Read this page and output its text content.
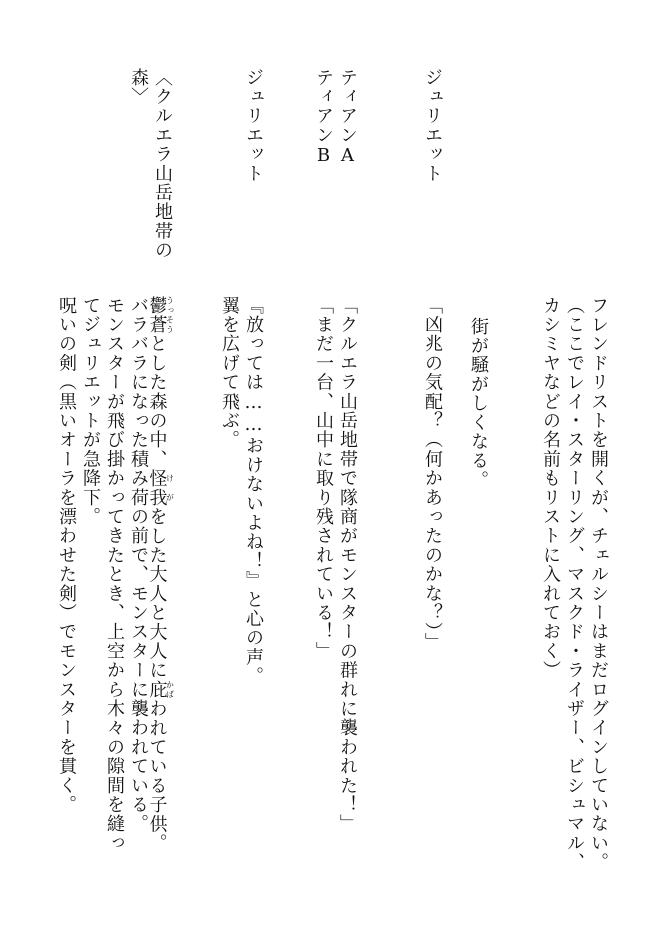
フレンドリストを開くが、チェルシーはまだログインしていない。

（ここでレイ・スターリング、マスクド・ライザー、ビシュマル、

カシミヤなどの名前もリストに入れておく）

街が騒がしくなる。

ジュリエット

「凶兆の気配？（何かあったのかな？）」

ティアンA

「クルエラ山岳地帯で隊商がモンスターの群れに襲われた！」

ティアンB

「まだ一台、山中に取り残されている！」

ジュリエット

『放っては……おけないよね！』と心の声。

翼を広げて飛ぶ。

〈クルエラ山岳地帯の

森〉

鬱蒼うっそうとした森の中、怪我けがをした大人と大人に庇かばわれている子供。

バラバラになった積み荷の前で、モンスターに襲われている。

モンスターが飛び掛かってきたとき、上空から木々の隙間を縫っ

てジュリエットが急降下。

呪いの剣（黒いオーラを漂わせた剣）でモンスターを貫く。
